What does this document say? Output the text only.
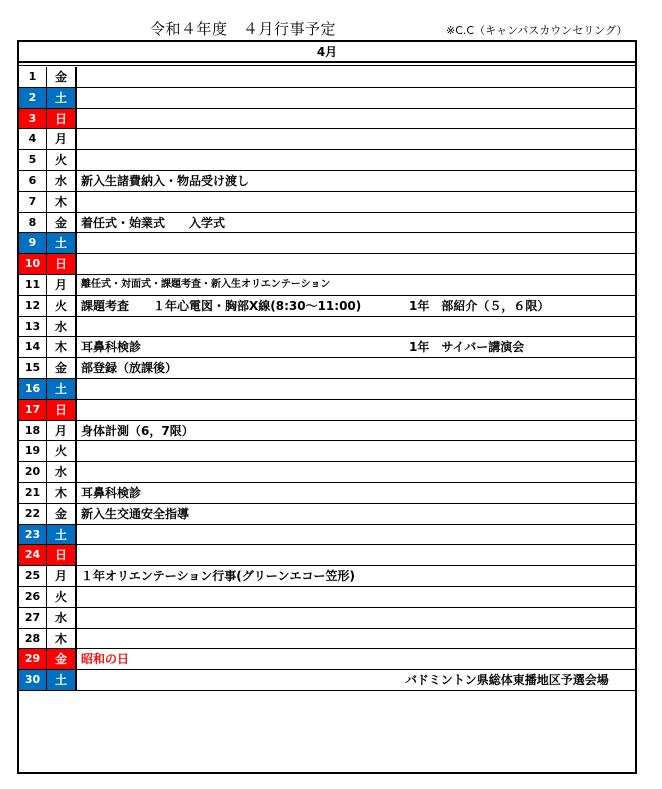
令和４年度　４月行事予定	※C.C（キャンパスカウンセリング）
4月
1	金
2	土
3	日
4	月
5	火
6	水	新入生諸費納入・物品受け渡し
7	木
8	金	着任式・始業式　　入学式
9	土
10	日
11	月	離任式・対面式・課題考査・新入生オリエンテーション
12	火	課題考査　　１年心電図・胸部X線(8:30～11:00)	1年　部紹介（５，６限）
13	水
14	木	耳鼻科検診	1年　サイバー講演会
15	金	部登録（放課後）
16	土
17	日
18	月	身体計測（6，7限）
19	火
20	水
21	木	耳鼻科検診
22	金	新入生交通安全指導
23	土
24	日
25	月	１年オリエンテーション行事(グリーンエコー笠形)
26	火
27	水
28	木
29	金	昭和の日
30	土	バドミントン県総体東播地区予選会場
